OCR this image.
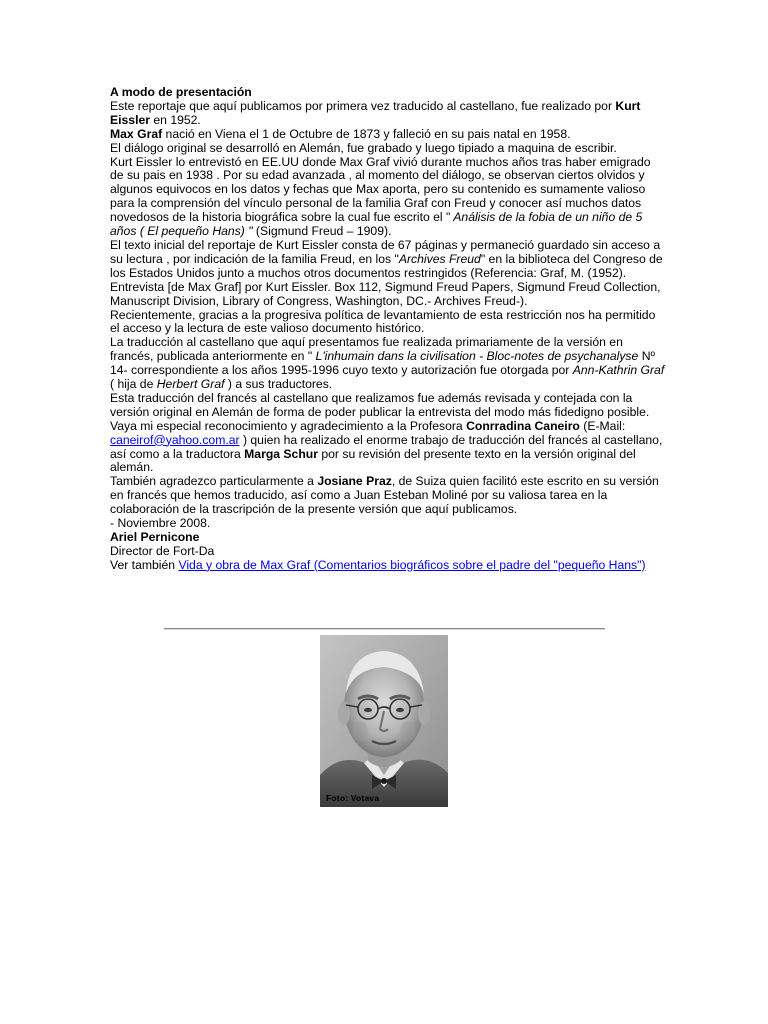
A modo de presentación

Este reportaje que aquí publicamos por primera vez traducido al castellano, fue realizado por Kurt Eissler en 1952.

Max Graf nació en Viena el 1 de Octubre de 1873 y falleció en su pais natal en 1958.

El diálogo original se desarrolló en Alemán, fue grabado y luego tipiado a maquina de escribir.

Kurt Eissler lo entrevistó en EE.UU donde Max Graf vivió durante muchos años tras haber emigrado de su pais en 1938 . Por su edad avanzada , al momento del diálogo, se observan ciertos olvidos y algunos equivocos en los datos y fechas que Max aporta, pero su contenido es sumamente valioso para la comprensión del vínculo personal de la familia Graf con Freud y conocer así muchos datos novedosos de la historia biográfica sobre la cual fue escrito el " Análisis de la fobia de un niño de 5 años ( El pequeño Hans) " (Sigmund Freud – 1909).

El texto inicial del reportaje de Kurt Eissler consta de 67 páginas y permaneció guardado sin acceso a su lectura , por indicación de la familia Freud, en los "Archives Freud" en la biblioteca del Congreso de los Estados Unidos junto a muchos otros documentos restringidos (Referencia: Graf, M. (1952). Entrevista [de Max Graf] por Kurt Eissler. Box 112, Sigmund Freud Papers, Sigmund Freud Collection, Manuscript Division, Library of Congress, Washington, DC.- Archives Freud-).

Recientemente, gracias a la progresiva política de levantamiento de esta restricción nos ha permitido el acceso y la lectura de este valioso documento histórico.

La traducción al castellano que aquí presentamos fue realizada primariamente de la versión en francés, publicada anteriormente en " L'inhumain dans la civilisation - Bloc-notes de psychanalyse Nº 14- correspondiente a los años 1995-1996 cuyo texto y autorización fue otorgada por Ann-Kathrin Graf ( hija de Herbert Graf ) a sus traductores.

Esta traducción del francés al castellano que realizamos fue además revisada y contejada con la versión original en Alemán de forma de poder publicar la entrevista del modo más fidedigno posible.

Vaya mi especial reconocimiento y agradecimiento a la Profesora Conrradina Caneiro (E-Mail: caneirof@yahoo.com.ar ) quien ha realizado el enorme trabajo de traducción del francés al castellano, así como a la traductora Marga Schur por su revisión del presente texto en la versión original del alemán.

También agradezco particularmente a Josiane Praz, de Suiza quien facilitó este escrito en su versión en francés que hemos traducido, así como a Juan Esteban Moliné por su valiosa tarea en la colaboración de la trascripción de la presente versión que aquí publicamos.

- Noviembre 2008.

Ariel Pernicone

Director de Fort-Da

Ver también Vida y obra de Max Graf (Comentarios biográficos sobre el padre del "pequeño Hans")

Foto: Votava
